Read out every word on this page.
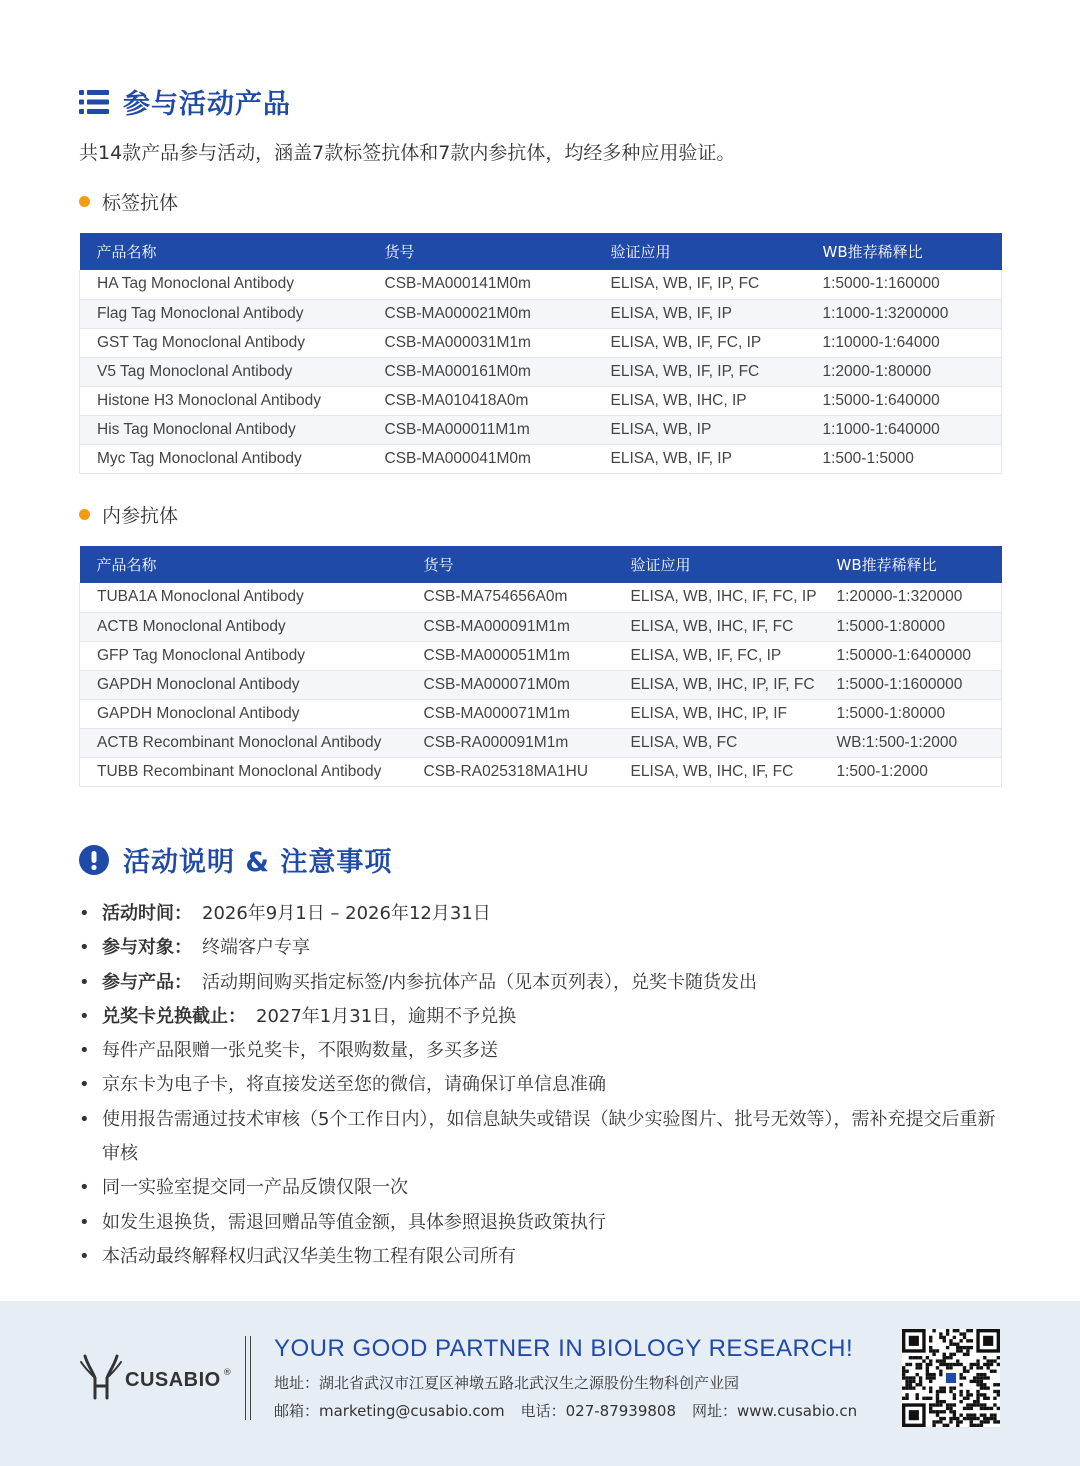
参与活动产品
共14款产品参与活动，涵盖7款标签抗体和7款内参抗体，均经多种应用验证。
标签抗体
产品名称	货号	验证应用	WB推荐稀释比
HA Tag Monoclonal Antibody	CSB-MA000141M0m	ELISA, WB, IF, IP, FC	1:5000-1:160000
Flag Tag Monoclonal Antibody	CSB-MA000021M0m	ELISA, WB, IF, IP	1:1000-1:3200000
GST Tag Monoclonal Antibody	CSB-MA000031M1m	ELISA, WB, IF, FC, IP	1:10000-1:64000
V5 Tag Monoclonal Antibody	CSB-MA000161M0m	ELISA, WB, IF, IP, FC	1:2000-1:80000
Histone H3 Monoclonal Antibody	CSB-MA010418A0m	ELISA, WB, IHC, IP	1:5000-1:640000
His Tag Monoclonal Antibody	CSB-MA000011M1m	ELISA, WB, IP	1:1000-1:640000
Myc Tag Monoclonal Antibody	CSB-MA000041M0m	ELISA, WB, IF, IP	1:500-1:5000
内参抗体
产品名称	货号	验证应用	WB推荐稀释比
TUBA1A Monoclonal Antibody	CSB-MA754656A0m	ELISA, WB, IHC, IF, FC, IP	1:20000-1:320000
ACTB Monoclonal Antibody	CSB-MA000091M1m	ELISA, WB, IHC, IF, FC	1:5000-1:80000
GFP Tag Monoclonal Antibody	CSB-MA000051M1m	ELISA, WB, IF, FC, IP	1:50000-1:6400000
GAPDH Monoclonal Antibody	CSB-MA000071M0m	ELISA, WB, IHC, IP, IF, FC	1:5000-1:1600000
GAPDH Monoclonal Antibody	CSB-MA000071M1m	ELISA, WB, IHC, IP, IF	1:5000-1:80000
ACTB Recombinant Monoclonal Antibody	CSB-RA000091M1m	ELISA, WB, FC	WB:1:500-1:2000
TUBB Recombinant Monoclonal Antibody	CSB-RA025318MA1HU	ELISA, WB, IHC, IF, FC	1:500-1:2000
活动说明 & 注意事项
• 活动时间： 2026年9月1日 – 2026年12月31日
• 参与对象： 终端客户专享
• 参与产品： 活动期间购买指定标签/内参抗体产品（见本页列表），兑奖卡随货发出
• 兑奖卡兑换截止： 2027年1月31日，逾期不予兑换
• 每件产品限赠一张兑奖卡，不限购数量，多买多送
• 京东卡为电子卡，将直接发送至您的微信，请确保订单信息准确
• 使用报告需通过技术审核（5个工作日内），如信息缺失或错误（缺少实验图片、批号无效等），需补充提交后重新审核
• 同一实验室提交同一产品反馈仅限一次
• 如发生退换货，需退回赠品等值金额，具体参照退换货政策执行
• 本活动最终解释权归武汉华美生物工程有限公司所有
CUSABIO ®
YOUR GOOD PARTNER IN BIOLOGY RESEARCH!
地址：湖北省武汉市江夏区神墩五路北武汉生之源股份生物科创产业园
邮箱：marketing@cusabio.com 电话：027-87939808 网址：www.cusabio.cn
